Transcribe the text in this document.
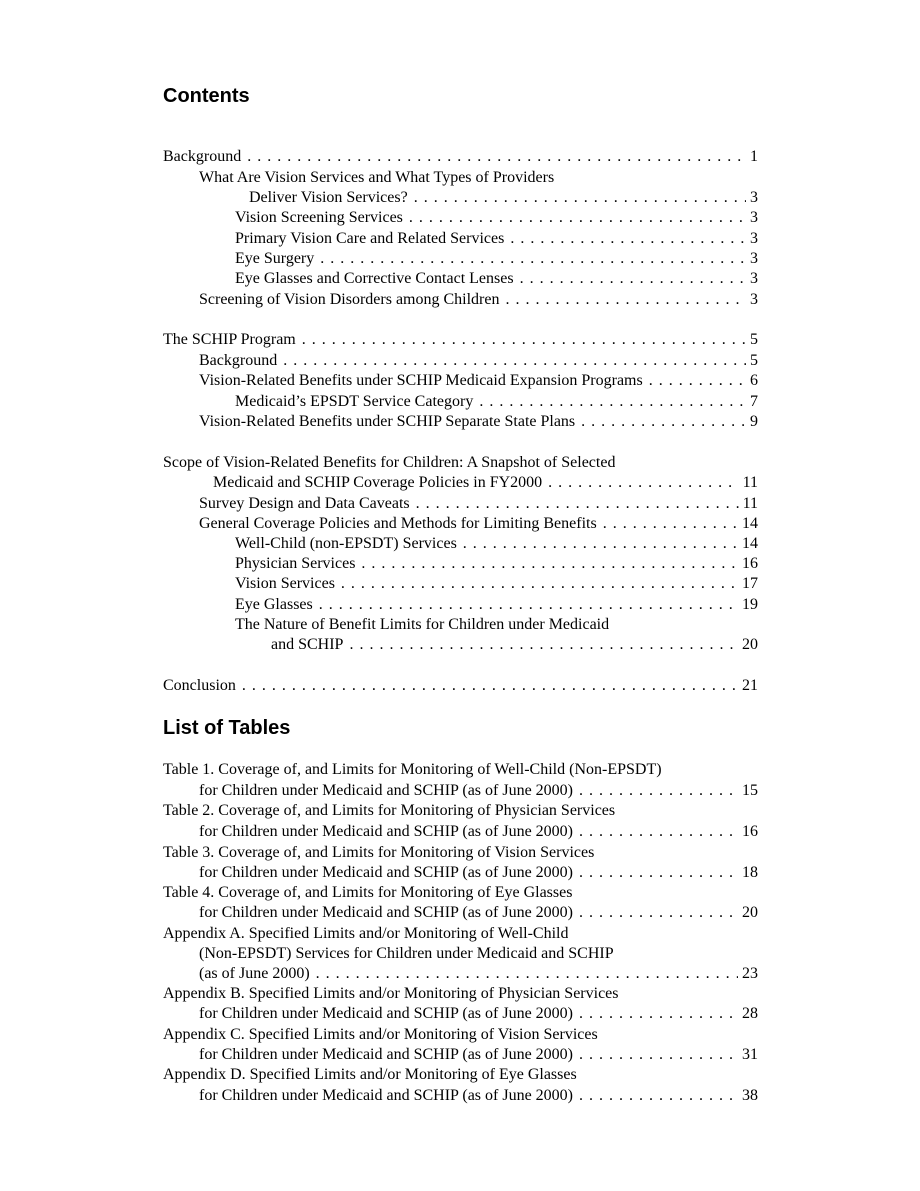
Contents
Background . . .	1
What Are Vision Services and What Types of Providers
Deliver Vision Services? . . .	3
Vision Screening Services . . .	3
Primary Vision Care and Related Services . . .	3
Eye Surgery . . .	3
Eye Glasses and Corrective Contact Lenses . . .	3
Screening of Vision Disorders among Children . . .	3
The SCHIP Program . . .	5
Background . . .	5
Vision-Related Benefits under SCHIP Medicaid Expansion Programs . . .	6
Medicaid’s EPSDT Service Category . . .	7
Vision-Related Benefits under SCHIP Separate State Plans . . .	9
Scope of Vision-Related Benefits for Children: A Snapshot of Selected
Medicaid and SCHIP Coverage Policies in FY2000 . . .	11
Survey Design and Data Caveats . . .	11
General Coverage Policies and Methods for Limiting Benefits . . .	14
Well-Child (non-EPSDT) Services . . .	14
Physician Services . . .	16
Vision Services . . .	17
Eye Glasses . . .	19
The Nature of Benefit Limits for Children under Medicaid
and SCHIP . . .	20
Conclusion . . .	21
List of Tables
Table 1. Coverage of, and Limits for Monitoring of Well-Child (Non-EPSDT)
for Children under Medicaid and SCHIP (as of June 2000) . . .	15
Table 2. Coverage of, and Limits for Monitoring of Physician Services
for Children under Medicaid and SCHIP (as of June 2000) . . .	16
Table 3. Coverage of, and Limits for Monitoring of Vision Services
for Children under Medicaid and SCHIP (as of June 2000) . . .	18
Table 4. Coverage of, and Limits for Monitoring of Eye Glasses
for Children under Medicaid and SCHIP (as of June 2000) . . .	20
Appendix A. Specified Limits and/or Monitoring of Well-Child
(Non-EPSDT) Services for Children under Medicaid and SCHIP
(as of June 2000) . . .	23
Appendix B. Specified Limits and/or Monitoring of Physician Services
for Children under Medicaid and SCHIP (as of June 2000) . . .	28
Appendix C. Specified Limits and/or Monitoring of Vision Services
for Children under Medicaid and SCHIP (as of June 2000) . . .	31
Appendix D. Specified Limits and/or Monitoring of Eye Glasses
for Children under Medicaid and SCHIP (as of June 2000) . . .	38
